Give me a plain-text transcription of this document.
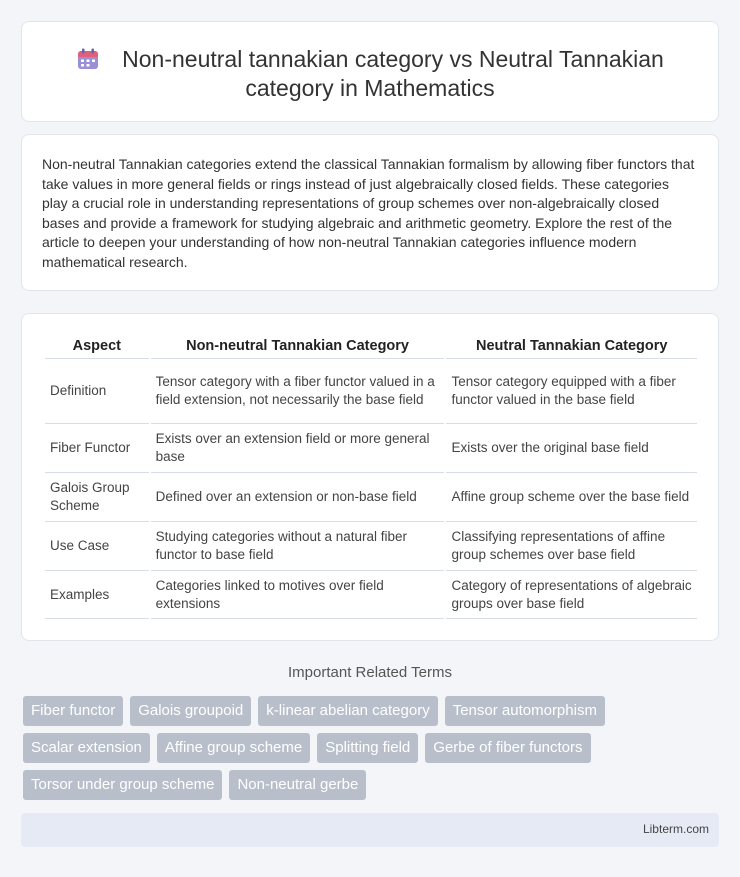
Non-neutral tannakian category vs Neutral Tannakian
category in Mathematics

Non-neutral Tannakian categories extend the classical Tannakian formalism by allowing fiber functors that take values in more general fields or rings instead of just algebraically closed fields. These categories play a crucial role in understanding representations of group schemes over non-algebraically closed bases and provide a framework for studying algebraic and arithmetic geometry. Explore the rest of the article to deepen your understanding of how non-neutral Tannakian categories influence modern mathematical research.

Aspect	Non-neutral Tannakian Category	Neutral Tannakian Category
Definition	Tensor category with a fiber functor valued in a field extension, not necessarily the base field	Tensor category equipped with a fiber functor valued in the base field
Fiber Functor	Exists over an extension field or more general base	Exists over the original base field
Galois Group Scheme	Defined over an extension or non-base field	Affine group scheme over the base field
Use Case	Studying categories without a natural fiber functor to base field	Classifying representations of affine group schemes over base field
Examples	Categories linked to motives over field extensions	Category of representations of algebraic groups over base field
Important Related Terms
Fiber functor	Galois groupoid	k-linear abelian category	Tensor automorphism
Scalar extension	Affine group scheme	Splitting field	Gerbe of fiber functors
Torsor under group scheme	Non-neutral gerbe
Libterm.com
